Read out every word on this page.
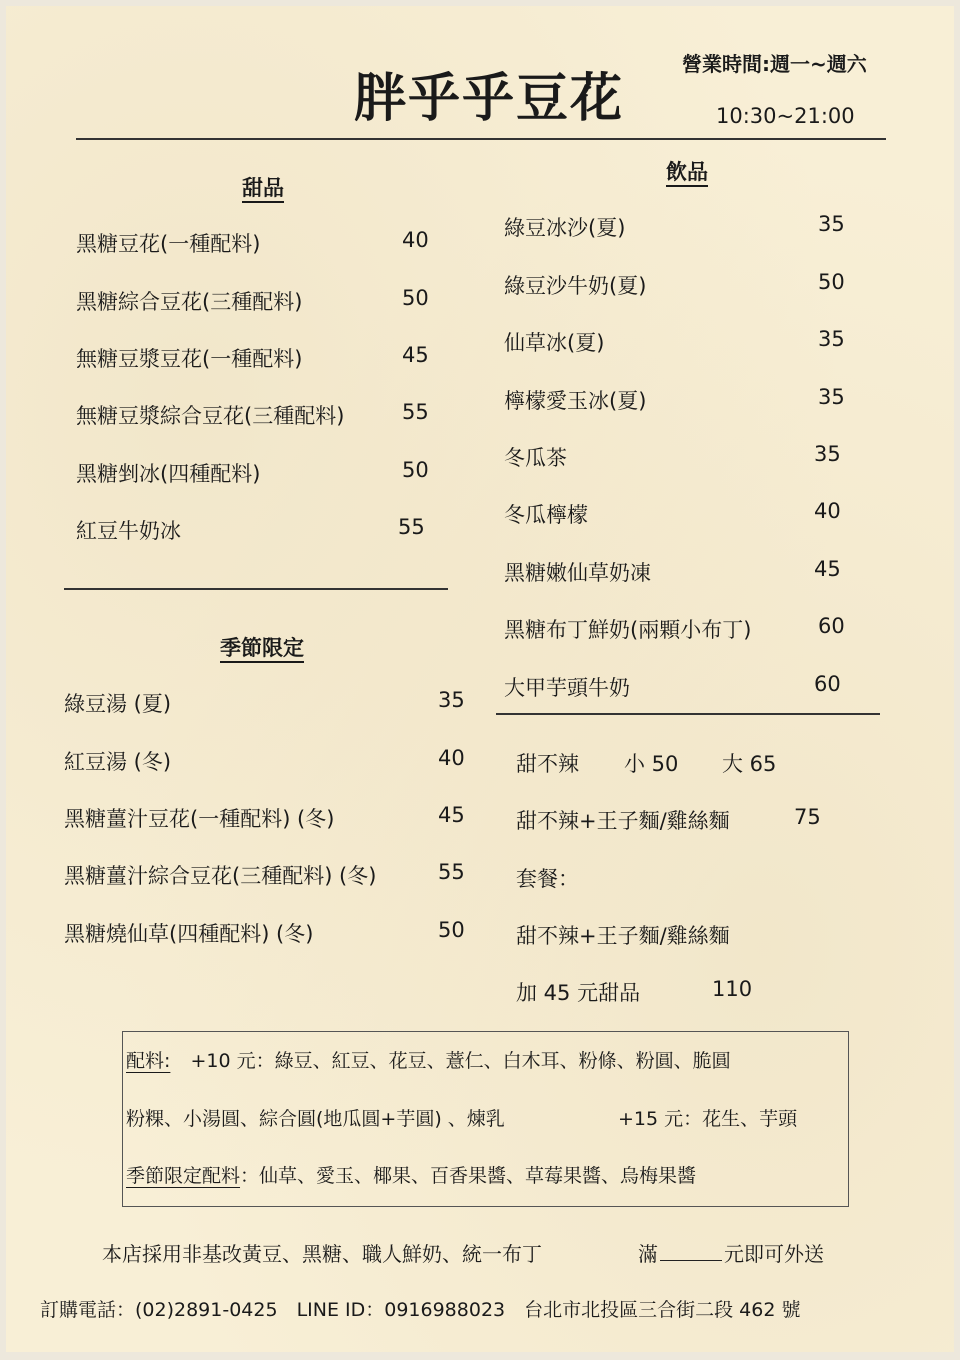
胖乎乎豆花
營業時間:週一~週六
10:30~21:00
甜品
黑糖豆花(一種配料)	40
黑糖綜合豆花(三種配料)	50
無糖豆漿豆花(一種配料)	45
無糖豆漿綜合豆花(三種配料)	55
黑糖剉冰(四種配料)	50
紅豆牛奶冰	55
季節限定
綠豆湯 (夏)	35
紅豆湯 (冬)	40
黑糖薑汁豆花(一種配料) (冬)	45
黑糖薑汁綜合豆花(三種配料) (冬)	55
黑糖燒仙草(四種配料) (冬)	50
飲品
綠豆冰沙(夏)	35
綠豆沙牛奶(夏)	50
仙草冰(夏)	35
檸檬愛玉冰(夏)	35
冬瓜茶	35
冬瓜檸檬	40
黑糖嫩仙草奶凍	45
黑糖布丁鮮奶(兩顆小布丁)	60
大甲芋頭牛奶	60
甜不辣 小 50 大 65
甜不辣+王子麵/雞絲麵	75
套餐：
甜不辣+王子麵/雞絲麵
加 45 元甜品	110
配料: +10 元：綠豆、紅豆、花豆、薏仁、白木耳、粉條、粉圓、脆圓
粉粿、小湯圓、綜合圓(地瓜圓+芋圓) 、煉乳	+15 元：花生、芋頭
季節限定配料：仙草、愛玉、椰果、百香果醬、草莓果醬、烏梅果醬
本店採用非基改黃豆、黑糖、職人鮮奶、統一布丁	滿	元即可外送
訂購電話：(02)2891-0425　LINE ID：0916988023　台北市北投區三合街二段 462 號
